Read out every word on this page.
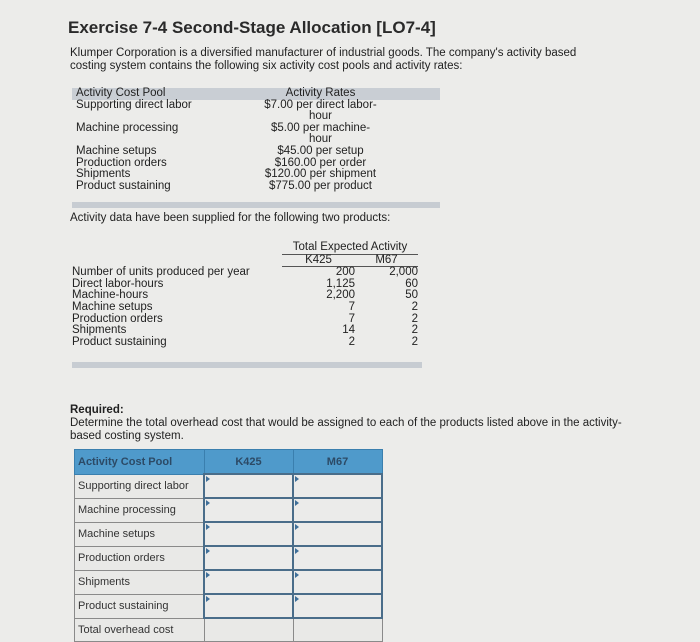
Exercise 7-4 Second-Stage Allocation [LO7-4]
Klumper Corporation is a diversified manufacturer of industrial goods. The company's activity based costing system contains the following six activity cost pools and activity rates:
Activity Cost Pool	Activity Rates
Supporting direct labor	$7.00 per direct labor-hour
Machine processing	$5.00 per machine-hour
Machine setups	$45.00 per setup
Production orders	$160.00 per order
Shipments	$120.00 per shipment
Product sustaining	$775.00 per product
Activity data have been supplied for the following two products:
Total Expected Activity
K425	M67
Number of units produced per year	200	2,000
Direct labor-hours	1,125	60
Machine-hours	2,200	50
Machine setups	7	2
Production orders	7	2
Shipments	14	2
Product sustaining	2	2
Required:
Determine the total overhead cost that would be assigned to each of the products listed above in the activity-based costing system.
Activity Cost Pool	K425	M67
Supporting direct labor		
Machine processing		
Machine setups		
Production orders		
Shipments		
Product sustaining		
Total overhead cost		
